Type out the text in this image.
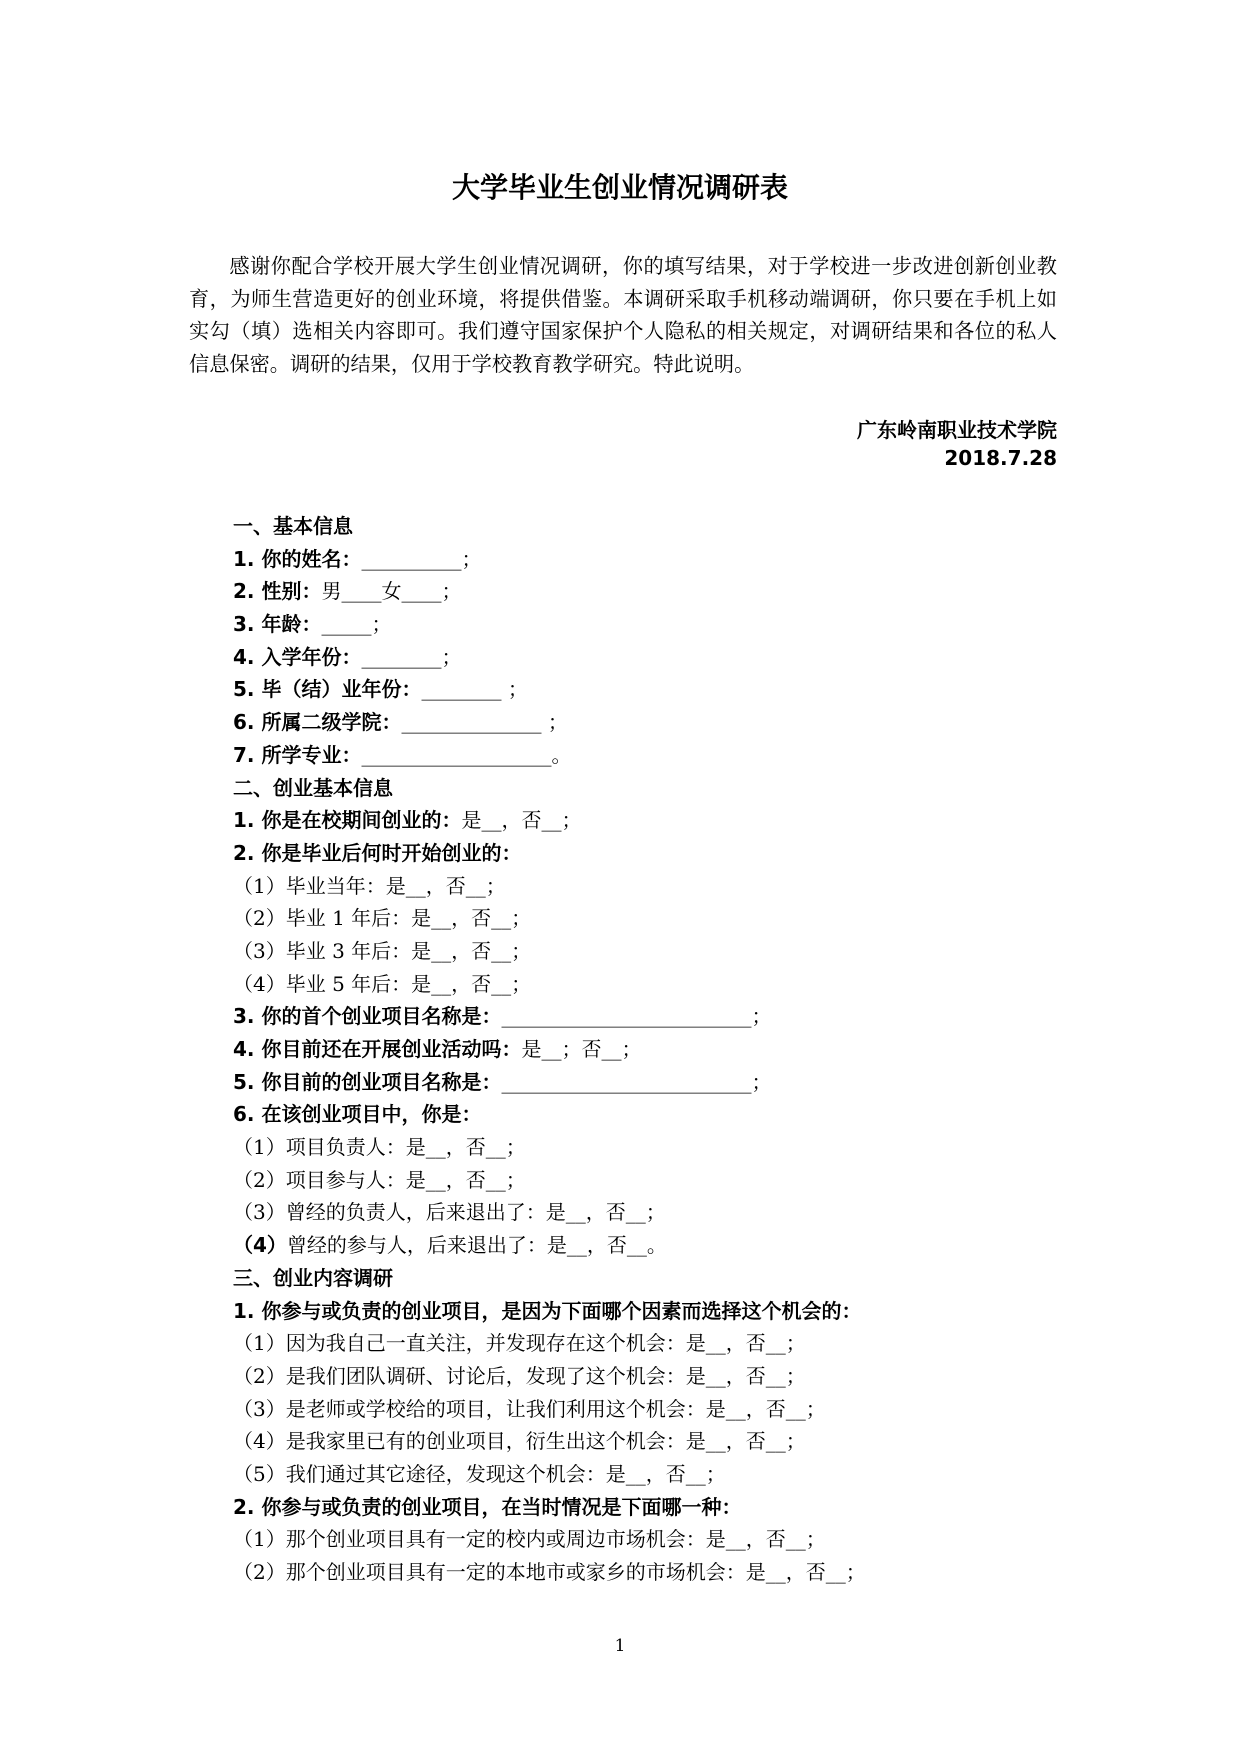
大学毕业生创业情况调研表

感谢你配合学校开展大学生创业情况调研，你的填写结果，对于学校进一步改进创新创业教育，为师生营造更好的创业环境，将提供借鉴。本调研采取手机移动端调研，你只要在手机上如实勾（填）选相关内容即可。我们遵守国家保护个人隐私的相关规定，对调研结果和各位的私人信息保密。调研的结果，仅用于学校教育教学研究。特此说明。

广东岭南职业技术学院
2018.7.28
一、基本信息
1. 你的姓名：__________；
2. 性别：男____女____；
3. 年龄：_____；
4. 入学年份：________；
5. 毕（结）业年份：________ ；
6. 所属二级学院：______________ ；
7. 所学专业：___________________。
二、创业基本信息
1. 你是在校期间创业的：是__，否__；
2. 你是毕业后何时开始创业的：
（1）毕业当年：是__，否__；
（2）毕业 1 年后：是__，否__；
（3）毕业 3 年后：是__，否__；
（4）毕业 5 年后：是__，否__；
3. 你的首个创业项目名称是：_________________________；
4. 你目前还在开展创业活动吗：是__；否__；
5. 你目前的创业项目名称是：_________________________；
6. 在该创业项目中，你是：
（1）项目负责人：是__，否__；
（2）项目参与人：是__，否__；
（3）曾经的负责人，后来退出了：是__，否__；
（4）曾经的参与人，后来退出了：是__，否__。
三、创业内容调研
1. 你参与或负责的创业项目，是因为下面哪个因素而选择这个机会的：
（1）因为我自己一直关注，并发现存在这个机会：是__，否__；
（2）是我们团队调研、讨论后，发现了这个机会：是__，否__；
（3）是老师或学校给的项目，让我们利用这个机会：是__，否__；
（4）是我家里已有的创业项目，衍生出这个机会：是__，否__；
（5）我们通过其它途径，发现这个机会：是__，否__；
2. 你参与或负责的创业项目，在当时情况是下面哪一种：
（1）那个创业项目具有一定的校内或周边市场机会：是__，否__；
（2）那个创业项目具有一定的本地市或家乡的市场机会：是__，否__；
1
